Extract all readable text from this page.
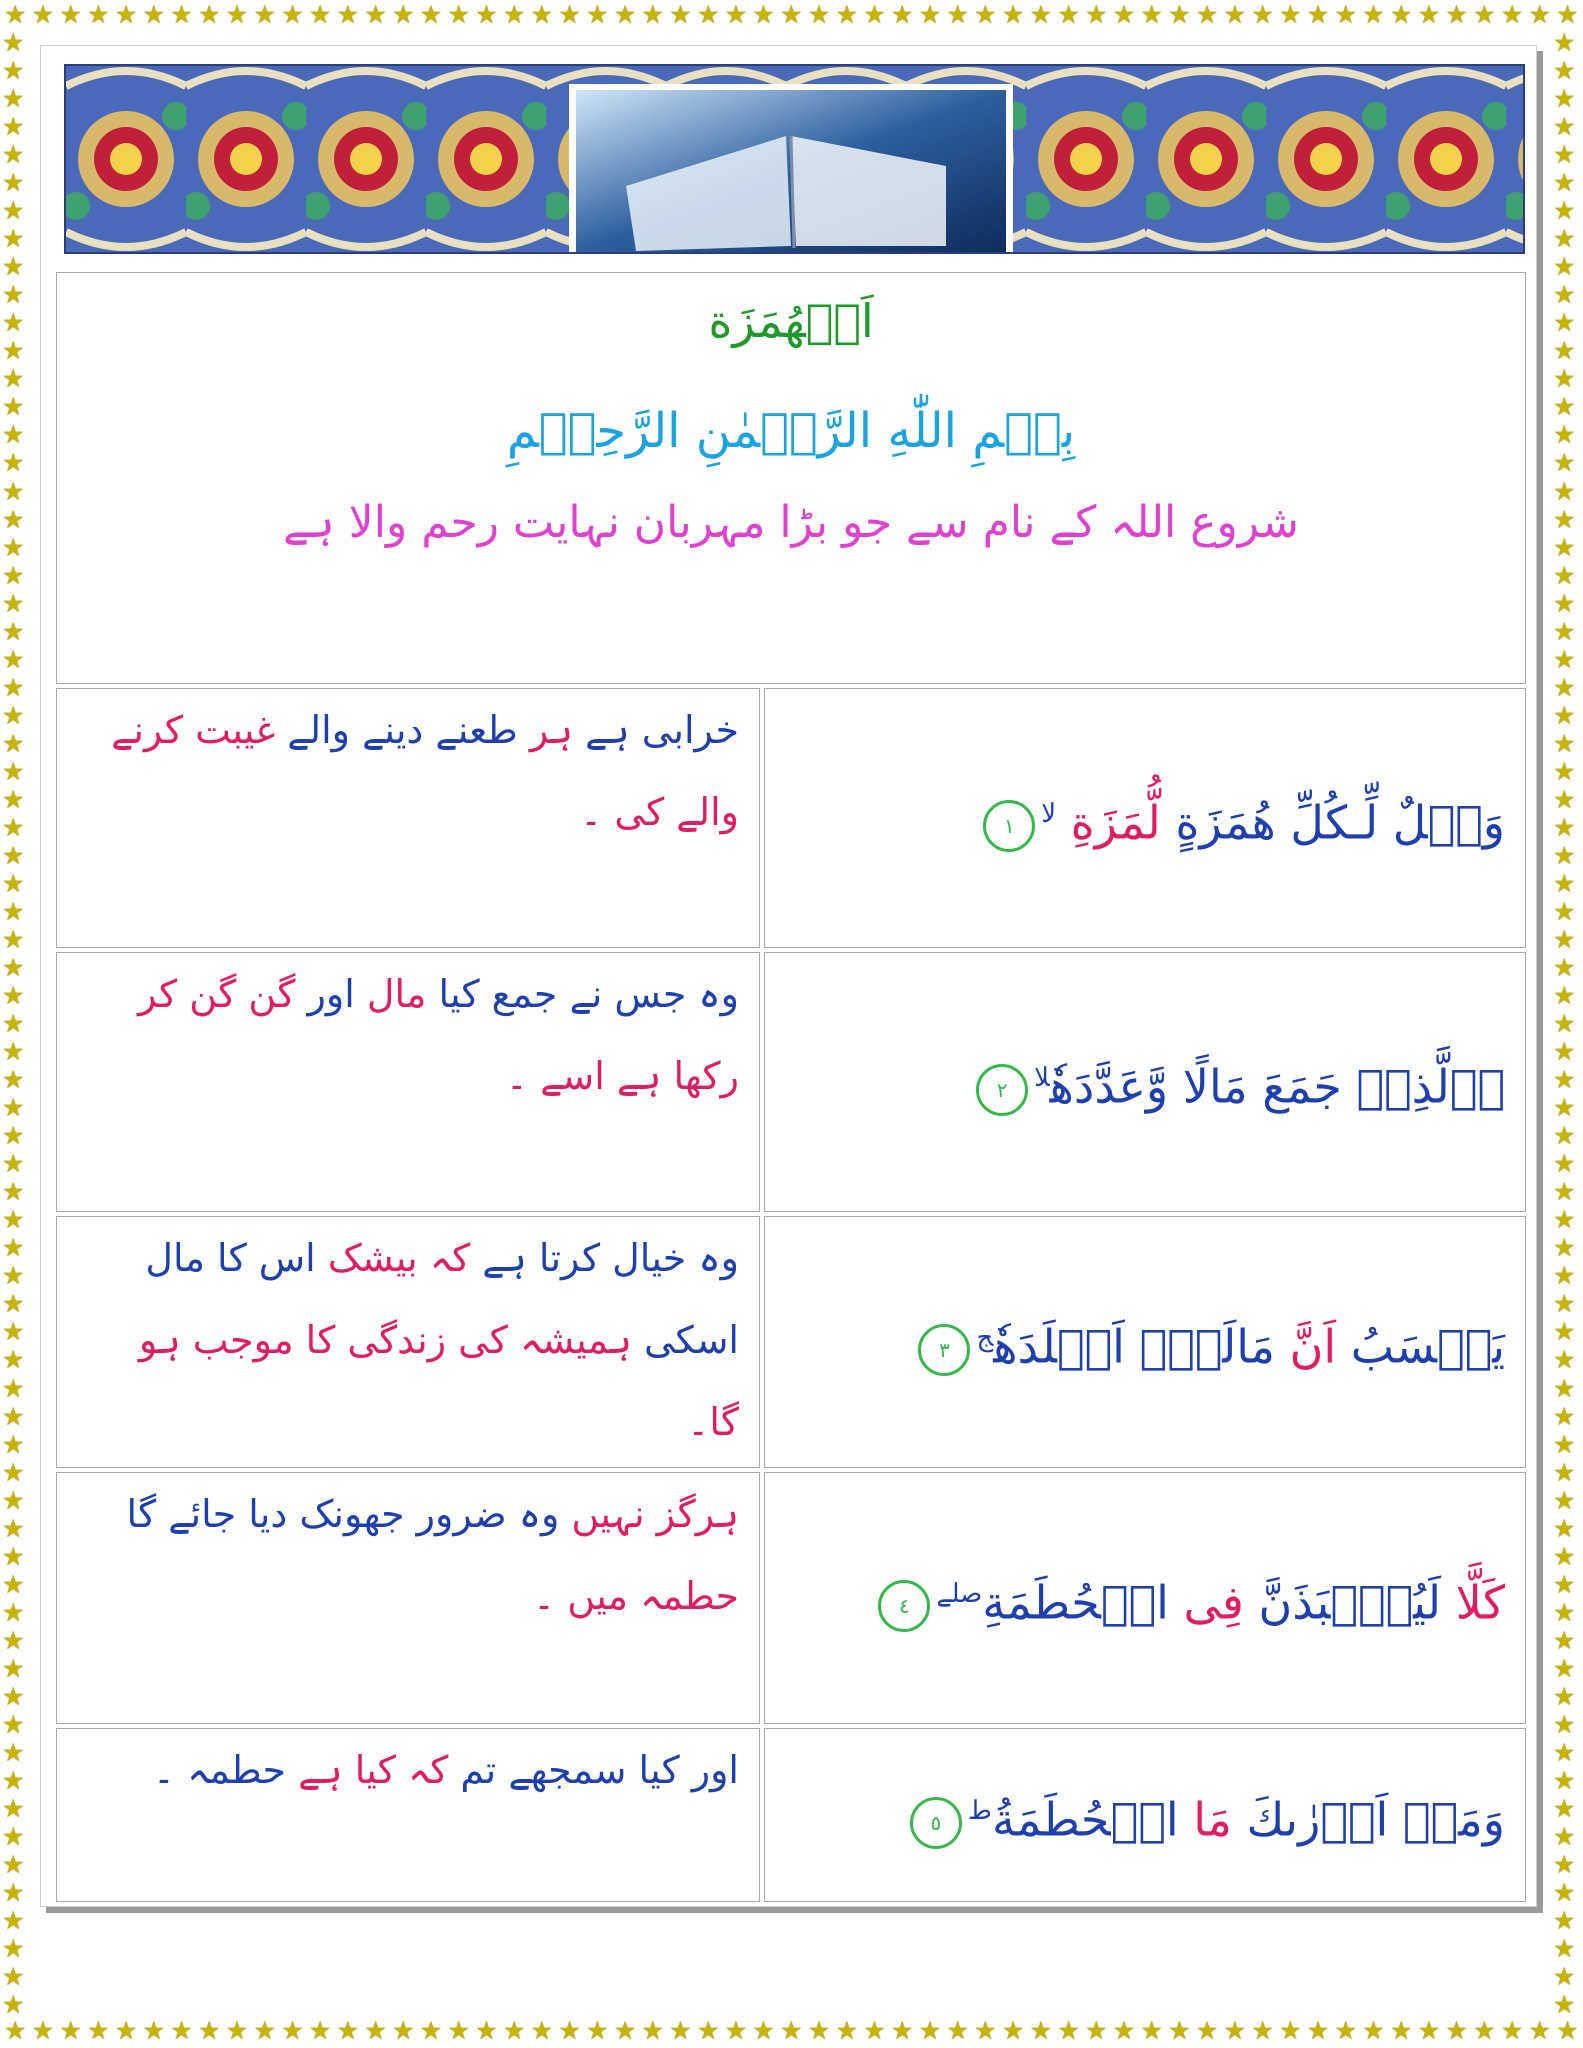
★ ★ ★ ★ ★ ★ ★ ★ ★ ★ ★ ★ ★ ★ ★ ★ ★ ★ ★ ★ ★ ★ ★ ★ ★ ★ ★ ★ ★ ★ ★ ★ ★ ★ ★ ★ ★ ★ ★ ★ ★ ★ ★ ★ ★ ★ ★ ★ ★ ★ ★ ★ ★ ★ ★ ★ ★
★ ★ ★ ★ ★ ★ ★ ★ ★ ★ ★ ★ ★ ★ ★ ★ ★ ★ ★ ★ ★ ★ ★ ★ ★ ★ ★ ★ ★ ★ ★ ★ ★ ★ ★ ★ ★ ★ ★ ★ ★ ★ ★ ★ ★ ★ ★ ★ ★ ★ ★ ★ ★ ★ ★ ★ ★
★
★
★
★
★
★
★
★
★
★
★
★
★
★
★
★
★
★
★
★
★
★
★
★
★
★
★
★
★
★
★
★
★
★
★
★
★
★
★
★
★
★
★
★
★
★
★
★
★
★
★
★
★
★
★
★
★
★
★
★
★
★
★
★
★
★
★
★
★
★
★
★
★
★
★
★
★
★
★
★
★
★
★
★
★
★
★
★
★
★
★
★
★
★
★
★
★
★
★
★
★
★
★
★
★
★
★
★
★
★
★
★
★
★
★
★
★
★
★
★
★
★
★
★
★
★
★
★
★
★
★
★
★
★
★
★
★
★
★
★
★
★
اَلۡهُمَزَة
بِسۡمِ اللّٰهِ الرَّحۡمٰنِ الرَّحِيۡمِ
شروع اللہ کے نام سے جو بڑا مہربان نہایت رحم والا ہے	

خرابی ہے ہر طعنے دینے والے غیبت کرنے والے کی ۔	وَيۡلٌ لِّـكُلِّ هُمَزَةٍ لُّمَزَةِ $^{لا}$١

وہ جس نے جمع کیا مال اور گن گن کر رکھا ہے اسے ۔	اۨلَّذِىۡ جَمَعَ مَالًا وَّعَدَّدَهٗ$^{لا}$٢

وہ خیال کرتا ہے کہ بیشک اس کا مال اسکی ہمیشہ کی زندگی کا موجب ہو گا۔	يَحۡسَبُ اَنَّ مَالَهٗۤ اَخۡلَدَهٗ$^ج$٣

ہرگز نہیں وہ ضرور جھونک دیا جائے گا حطمہ میں ۔	كَلَّا لَيُنۡۢبَذَنَّ فِى الۡحُطَمَةِ$^{صلے}$٤

اور کیا سمجھے تم کہ کیا ہے حطمہ ۔	وَمَاۤ اَدۡرٰٮكَ مَا الۡحُطَمَةُ$^ط$٥
